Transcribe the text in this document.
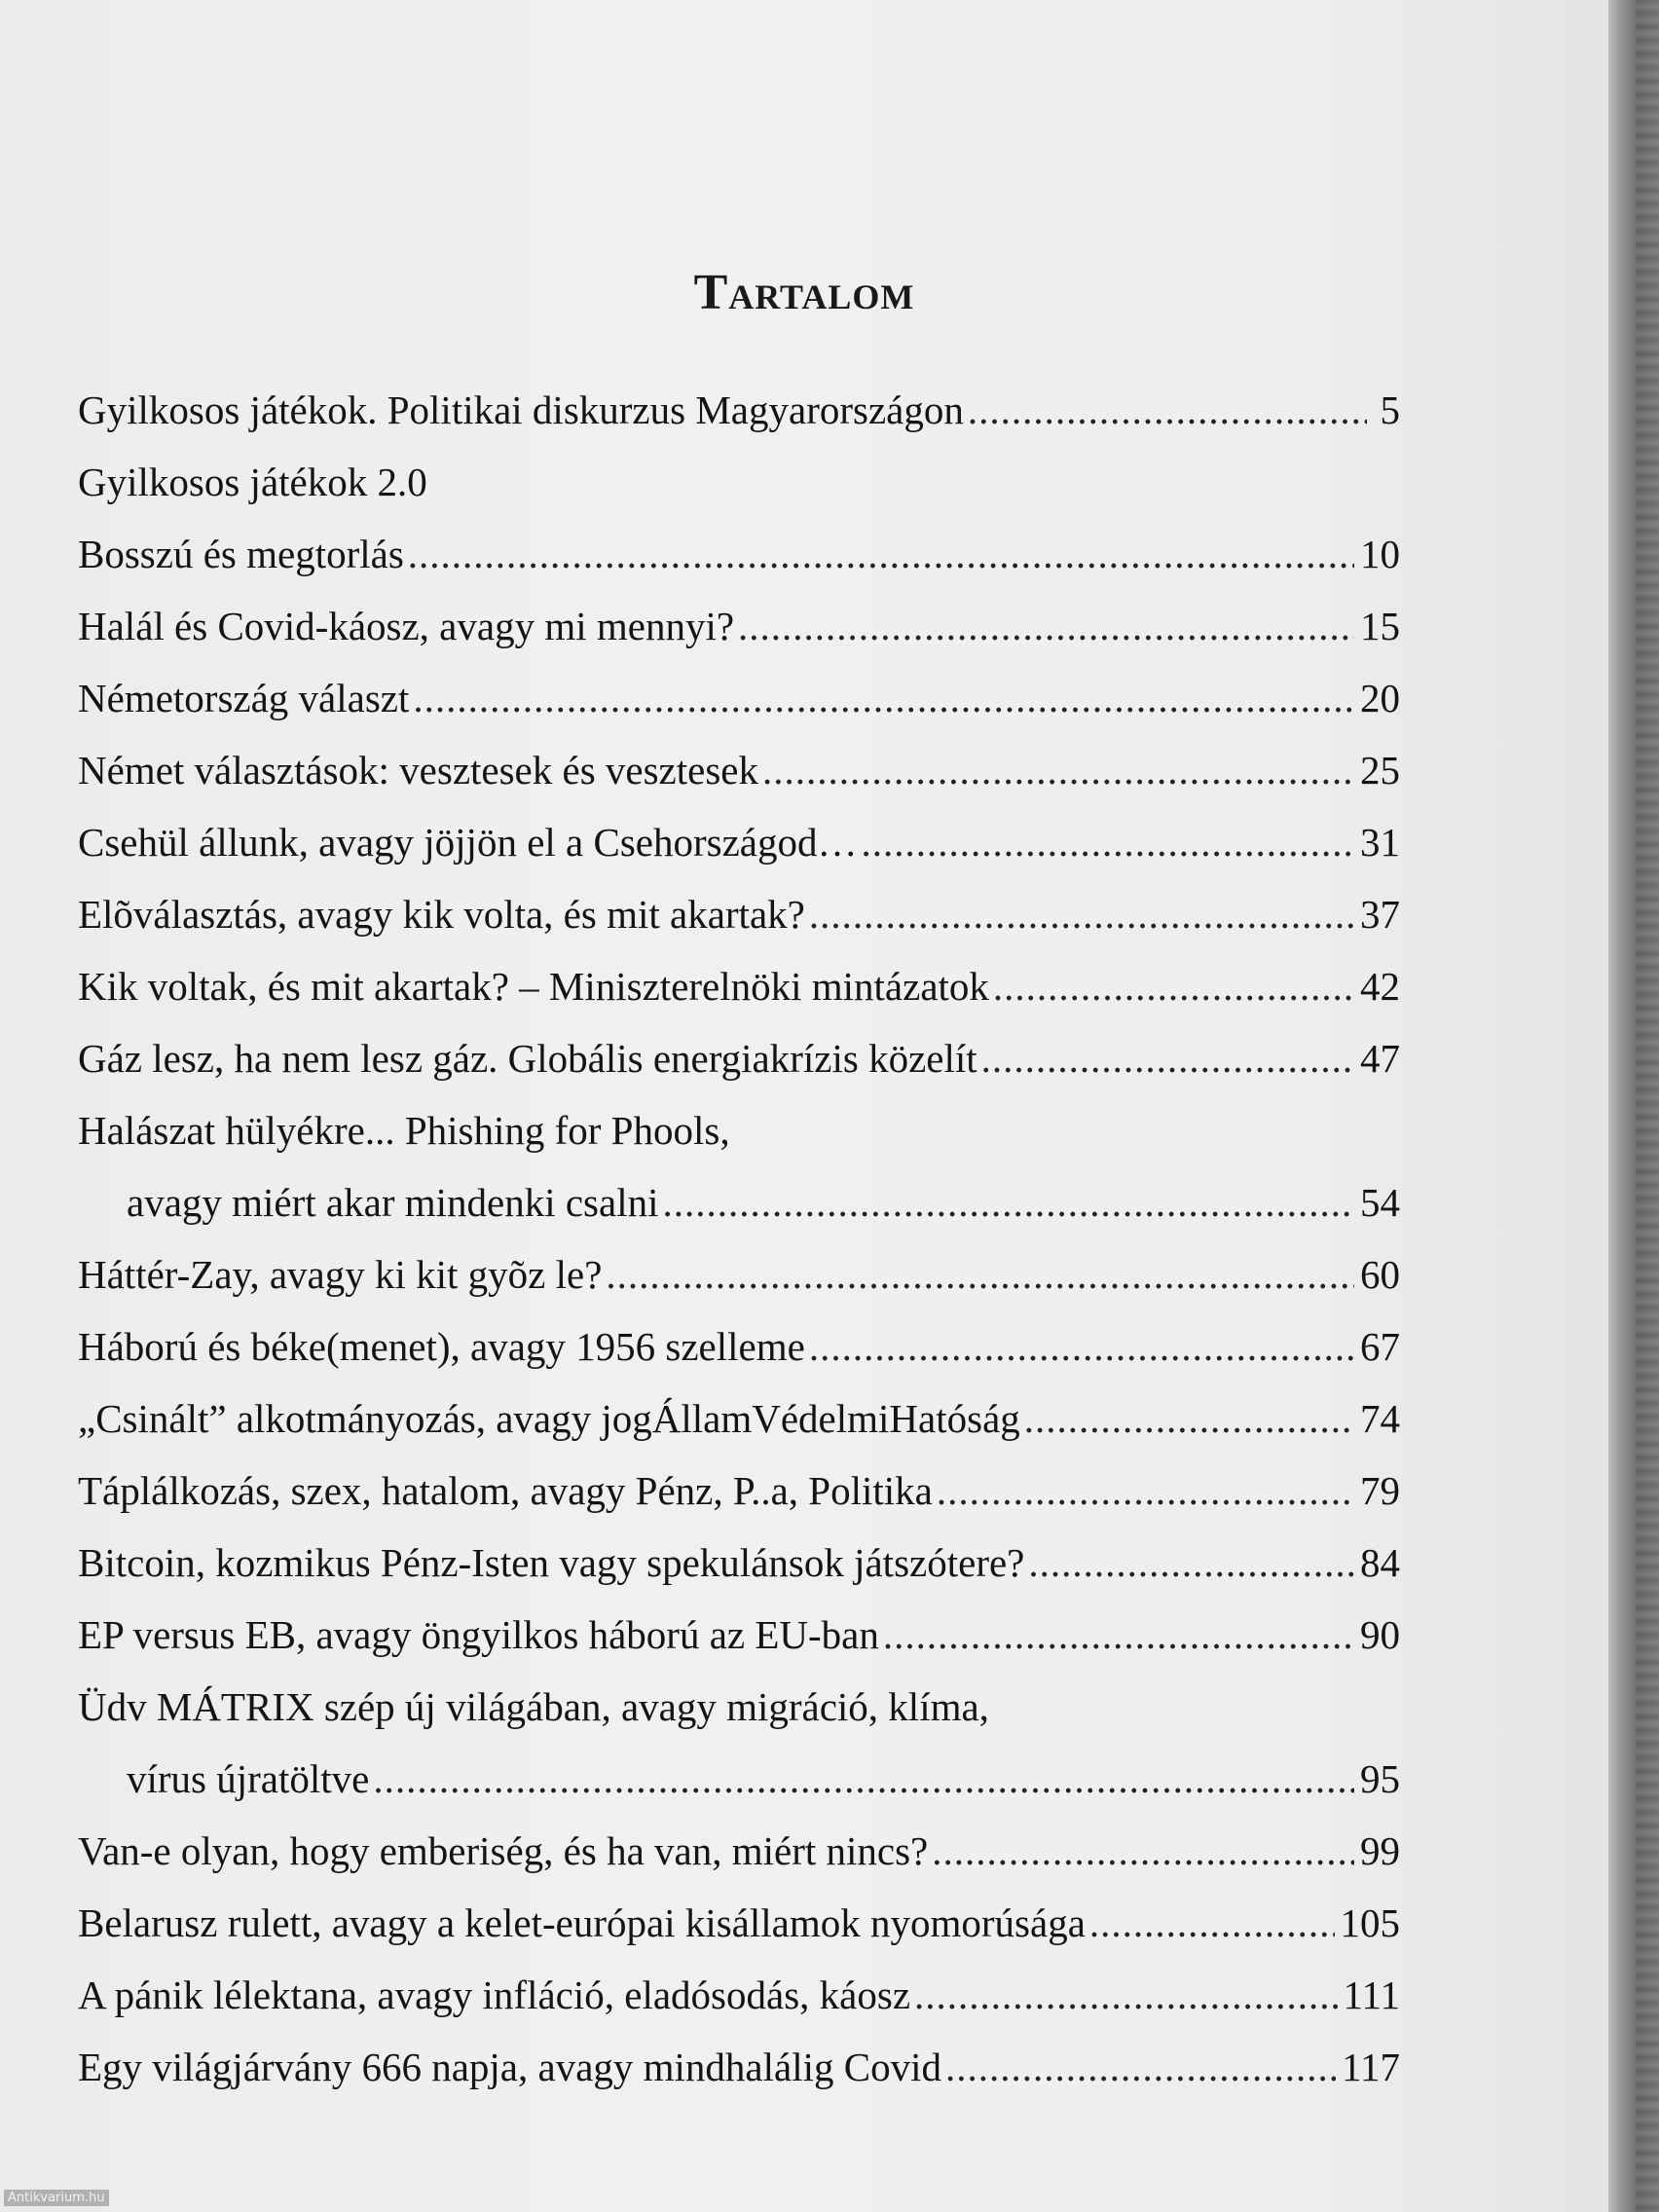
Tartalom
Gyilkosos játékok. Politikai diskurzus Magyarországon .....	5
Gyilkosos játékok 2.0
Bosszú és megtorlás .....	10
Halál és Covid-káosz, avagy mi mennyi? .....	15
Németország választ .....	20
Német választások: vesztesek és vesztesek .....	25
Csehül állunk, avagy jöjjön el a Csehországod… .....	31
Elõválasztás, avagy kik volta, és mit akartak? .....	37
Kik voltak, és mit akartak? – Miniszterelnöki mintázatok .....	42
Gáz lesz, ha nem lesz gáz. Globális energiakrízis közelít .....	47
Halászat hülyékre... Phishing for Phools,
avagy miért akar mindenki csalni .....	54
Háttér-Zay, avagy ki kit gyõz le? .....	60
Háború és béke(menet), avagy 1956 szelleme .....	67
„Csinált” alkotmányozás, avagy jogÁllamVédelmiHatóság .....	74
Táplálkozás, szex, hatalom, avagy Pénz, P..a, Politika .....	79
Bitcoin, kozmikus Pénz-Isten vagy spekulánsok játszótere? .....	84
EP versus EB, avagy öngyilkos háború az EU-ban .....	90
Üdv MÁTRIX szép új világában, avagy migráció, klíma,
vírus újratöltve .....	95
Van-e olyan, hogy emberiség, és ha van, miért nincs? .....	99
Belarusz rulett, avagy a kelet-európai kisállamok nyomorúsága .....	105
A pánik lélektana, avagy infláció, eladósodás, káosz .....	111
Egy világjárvány 666 napja, avagy mindhalálig Covid .....	117
Antikvarium.hu
